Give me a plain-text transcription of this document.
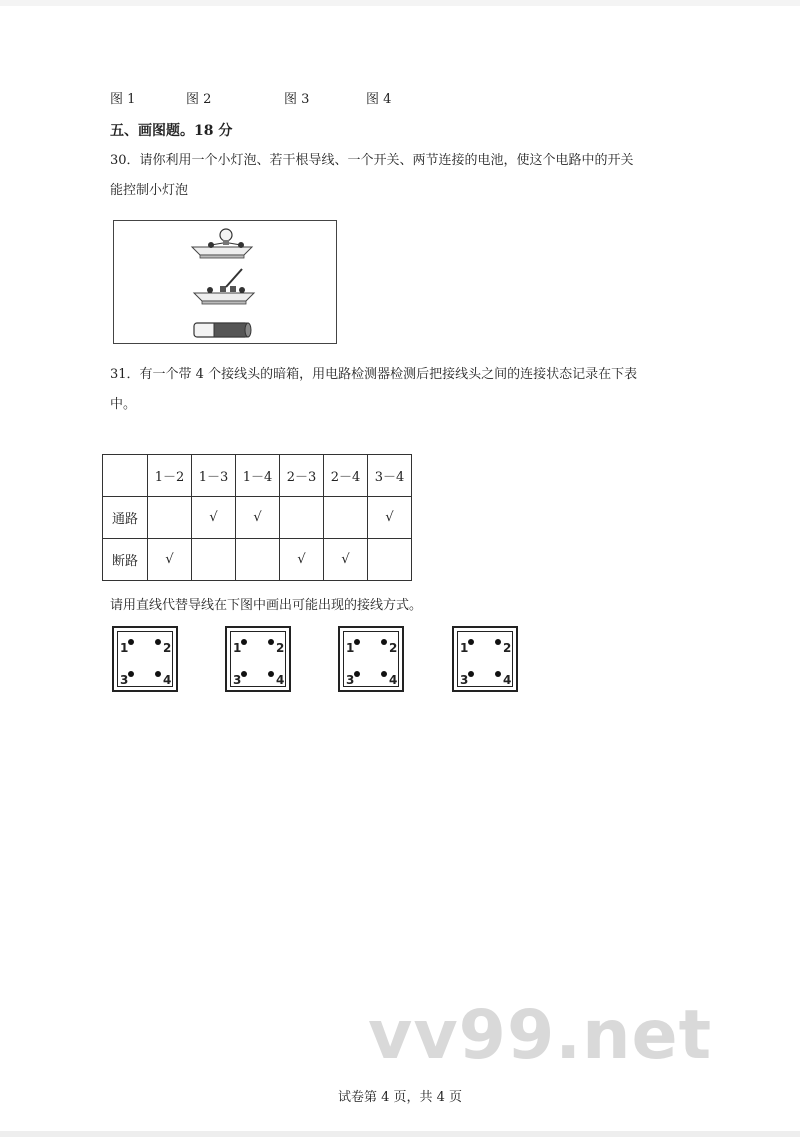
图 1	图 2	图 3	图 4
五、画图题。18 分
30．请你利用一个小灯泡、若干根导线、一个开关、两节连接的电池，使这个电路中的开关
能控制小灯泡
31．有一个带 4 个接线头的暗箱，用电路检测器检测后把接线头之间的连接状态记录在下表
中。
	1－2	1－3	1－4	2－3	2－4	3－4
通路		√	√			√
断路	√			√	√	
请用直线代替导线在下图中画出可能出现的接线方式。
1	2
3	4
1	2
3	4
1	2
3	4
1	2
3	4
vv99.net
试卷第 4 页，共 4 页
